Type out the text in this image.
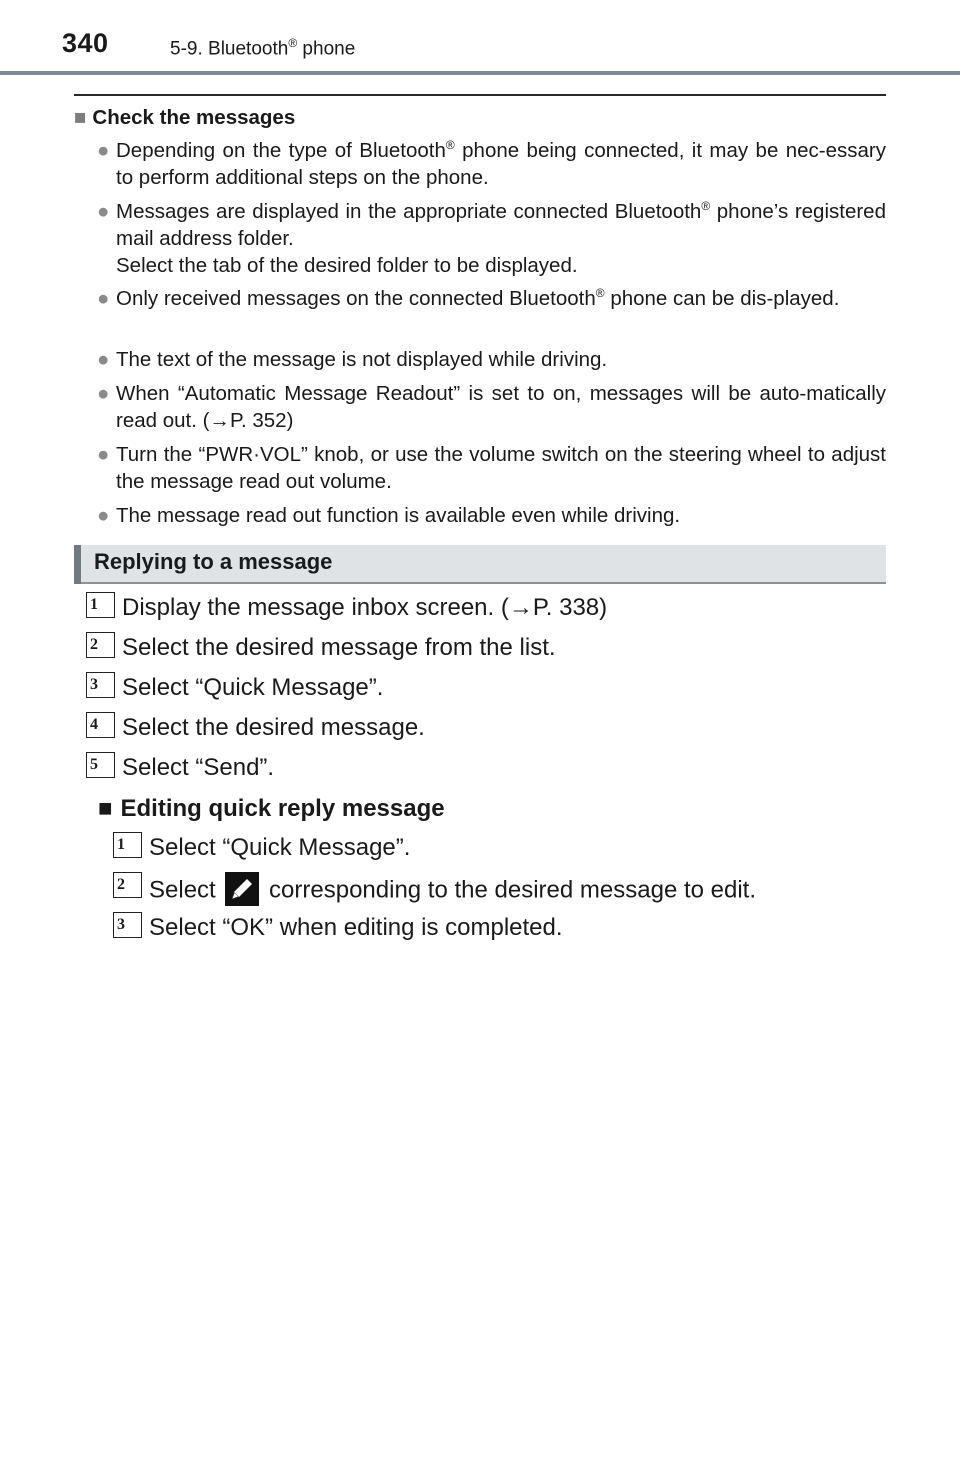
340	5-9. Bluetooth® phone
■ Check the messages
● Depending on the type of Bluetooth® phone being connected, it may be nec-essary to perform additional steps on the phone.
● Messages are displayed in the appropriate connected Bluetooth® phone’s registered mail address folder.
Select the tab of the desired folder to be displayed.
● Only received messages on the connected Bluetooth® phone can be dis-played.
● The text of the message is not displayed while driving.
● When “Automatic Message Readout” is set to on, messages will be auto-matically read out. (→P. 352)
● Turn the “PWR·VOL” knob, or use the volume switch on the steering wheel to adjust the message read out volume.
● The message read out function is available even while driving.
Replying to a message
1	Display the message inbox screen. (→P. 338)
2	Select the desired message from the list.
3	Select “Quick Message”.
4	Select the desired message.
5	Select “Send”.
■ Editing quick reply message
1	Select “Quick Message”.
2	Select
corresponding to the desired message to edit.
3	Select “OK” when editing is completed.
